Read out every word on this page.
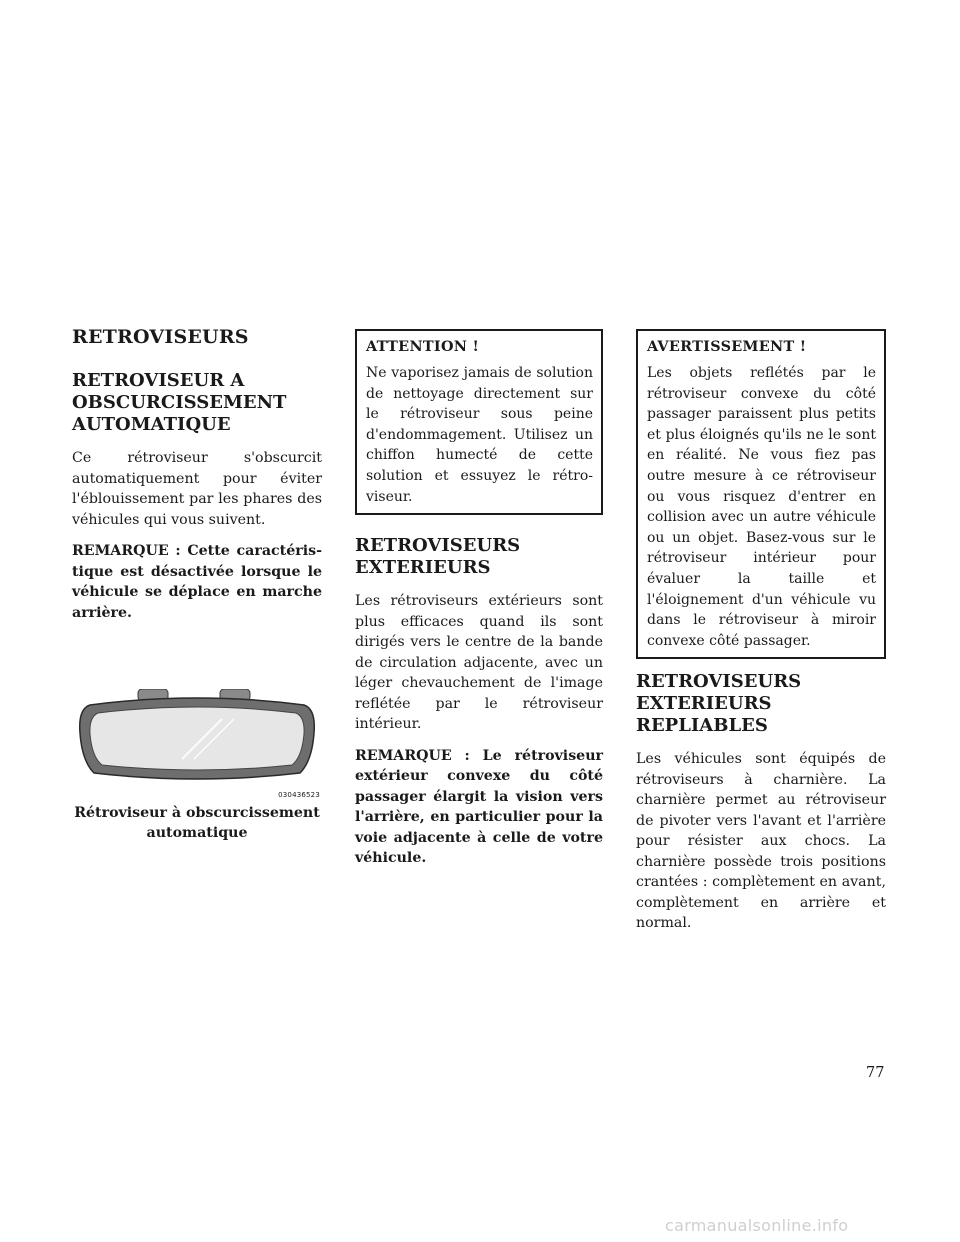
RETROVISEURS
RETROVISEUR A OBSCURCISSEMENT AUTOMATIQUE

Ce rétroviseur s'obscurcit automatiquement pour éviter l'éblouissement par les phares des véhicules qui vous suivent.

REMARQUE : Cette caractéristique est désactivée lorsque le véhicule se déplace en marche arrière.

030436523
Rétroviseur à obscurcissement automatique
ATTENTION !

Ne vaporisez jamais de solution de nettoyage directement sur le rétroviseur sous peine d'endommagement. Utilisez un chiffon humecté de cette solution et essuyez le rétroviseur.

RETROVISEURS EXTERIEURS

Les rétroviseurs extérieurs sont plus efficaces quand ils sont dirigés vers le centre de la bande de circulation adjacente, avec un léger chevauchement de l'image reflétée par le rétroviseur intérieur.

REMARQUE : Le rétroviseur extérieur convexe du côté passager élargit la vision vers l'arrière, en particulier pour la voie adjacente à celle de votre véhicule.

AVERTISSEMENT !

Les objets reflétés par le rétroviseur convexe du côté passager paraissent plus petits et plus éloignés qu'ils ne le sont en réalité. Ne vous fiez pas outre mesure à ce rétroviseur ou vous risquez d'entrer en collision avec un autre véhicule ou un objet. Basez-vous sur le rétroviseur intérieur pour évaluer la taille et l'éloignement d'un véhicule vu dans le rétroviseur à miroir convexe côté passager.

RETROVISEURS EXTERIEURS REPLIABLES

Les véhicules sont équipés de rétroviseurs à charnière. La charnière permet au rétroviseur de pivoter vers l'avant et l'arrière pour résister aux chocs. La charnière possède trois positions crantées : complètement en avant, complètement en arrière et normal.

77
carmanualsonline.info
